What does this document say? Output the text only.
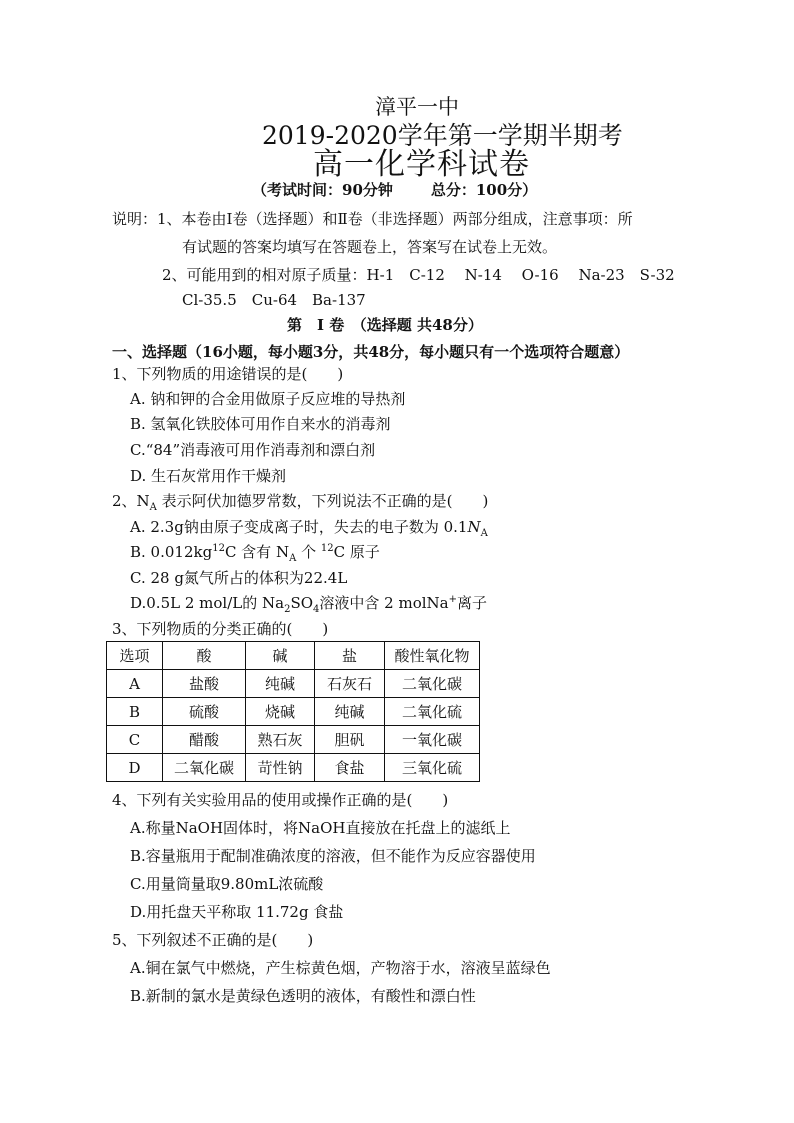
漳平一中
2019-2020学年第一学期半期考
高一化学科试卷
（考试时间：90分钟	总分：100分）
说明：1、本卷由Ⅰ卷（选择题）和Ⅱ卷（非选择题）两部分组成，注意事项：所
有试题的答案均填写在答题卷上，答案写在试卷上无效。
2、可能用到的相对原子质量：H-1　C-12　 N-14　 O-16　 Na-23　S-32
Cl-35.5　Cu-64　Ba-137
第　Ⅰ 卷　（选择题 共48分）
一、选择题（16小题，每小题3分，共48分，每小题只有一个选项符合题意）
1、下列物质的用途错误的是(　　)
A. 钠和钾的合金用做原子反应堆的导热剂
B. 氢氧化铁胶体可用作自来水的消毒剂
C.“84”消毒液可用作消毒剂和漂白剂
D. 生石灰常用作干燥剂
2、$N_A$ 表示阿伏加德罗常数，下列说法不正确的是(　　)
A. 2.3g钠由原子变成离子时，失去的电子数为 $0.1N_A$
B. $0.012kg^{12}C$ 含有 $N_A$ 个 $^{12}$C 原子
C. 28 g氮气所占的体积为22.4L
D.0.5L 2 mol/L的 $Na_2SO_4$溶液中含 2 molNa+离子
3、下列物质的分类正确的(　　)
选项	酸	碱	盐	酸性氧化物
A	盐酸	纯碱	石灰石	二氧化碳
B	硫酸	烧碱	纯碱	二氧化硫
C	醋酸	熟石灰	胆矾	一氧化碳
D	二氧化碳	苛性钠	食盐	三氧化硫
4、下列有关实验用品的使用或操作正确的是(　　)
A.称量NaOH固体时，将NaOH直接放在托盘上的滤纸上
B.容量瓶用于配制准确浓度的溶液，但不能作为反应容器使用
C.用量筒量取9.80mL浓硫酸
D.用托盘天平称取 11.72g 食盐
5、下列叙述不正确的是(　　)
A.铜在氯气中燃烧，产生棕黄色烟，产物溶于水，溶液呈蓝绿色
B.新制的氯水是黄绿色透明的液体，有酸性和漂白性
